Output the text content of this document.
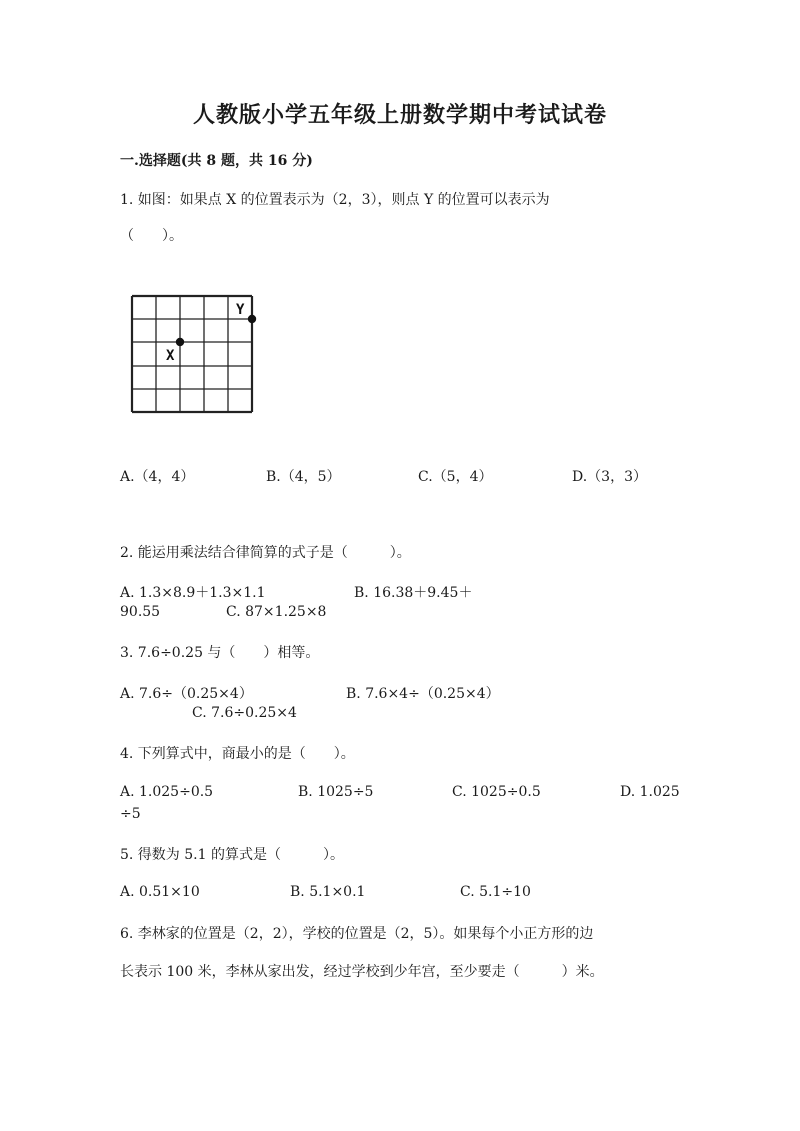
人教版小学五年级上册数学期中考试试卷
一.选择题(共 8 题，共 16 分)
1. 如图：如果点 X 的位置表示为（2，3），则点 Y 的位置可以表示为
（　　）。
X
Y
A.（4，4）	B.（4，5）	C.（5，4）	D.（3，3）
2. 能运用乘法结合律简算的式子是（　　　）。
A. 1.3×8.9＋1.3×1.1	B. 16.38＋9.45＋
90.55	C. 87×1.25×8
3. 7.6÷0.25 与（　　）相等。
A. 7.6÷（0.25×4）	B. 7.6×4÷（0.25×4）
C. 7.6÷0.25×4
4. 下列算式中，商最小的是（　　）。
A. 1.025÷0.5	B. 1025÷5	C. 1025÷0.5	D. 1.025
÷5
5. 得数为 5.1 的算式是（　　　）。
A. 0.51×10	B. 5.1×0.1	C. 5.1÷10
6. 李林家的位置是（2，2），学校的位置是（2，5）。如果每个小正方形的边
长表示 100 米，李林从家出发，经过学校到少年宫，至少要走（　　　）米。
